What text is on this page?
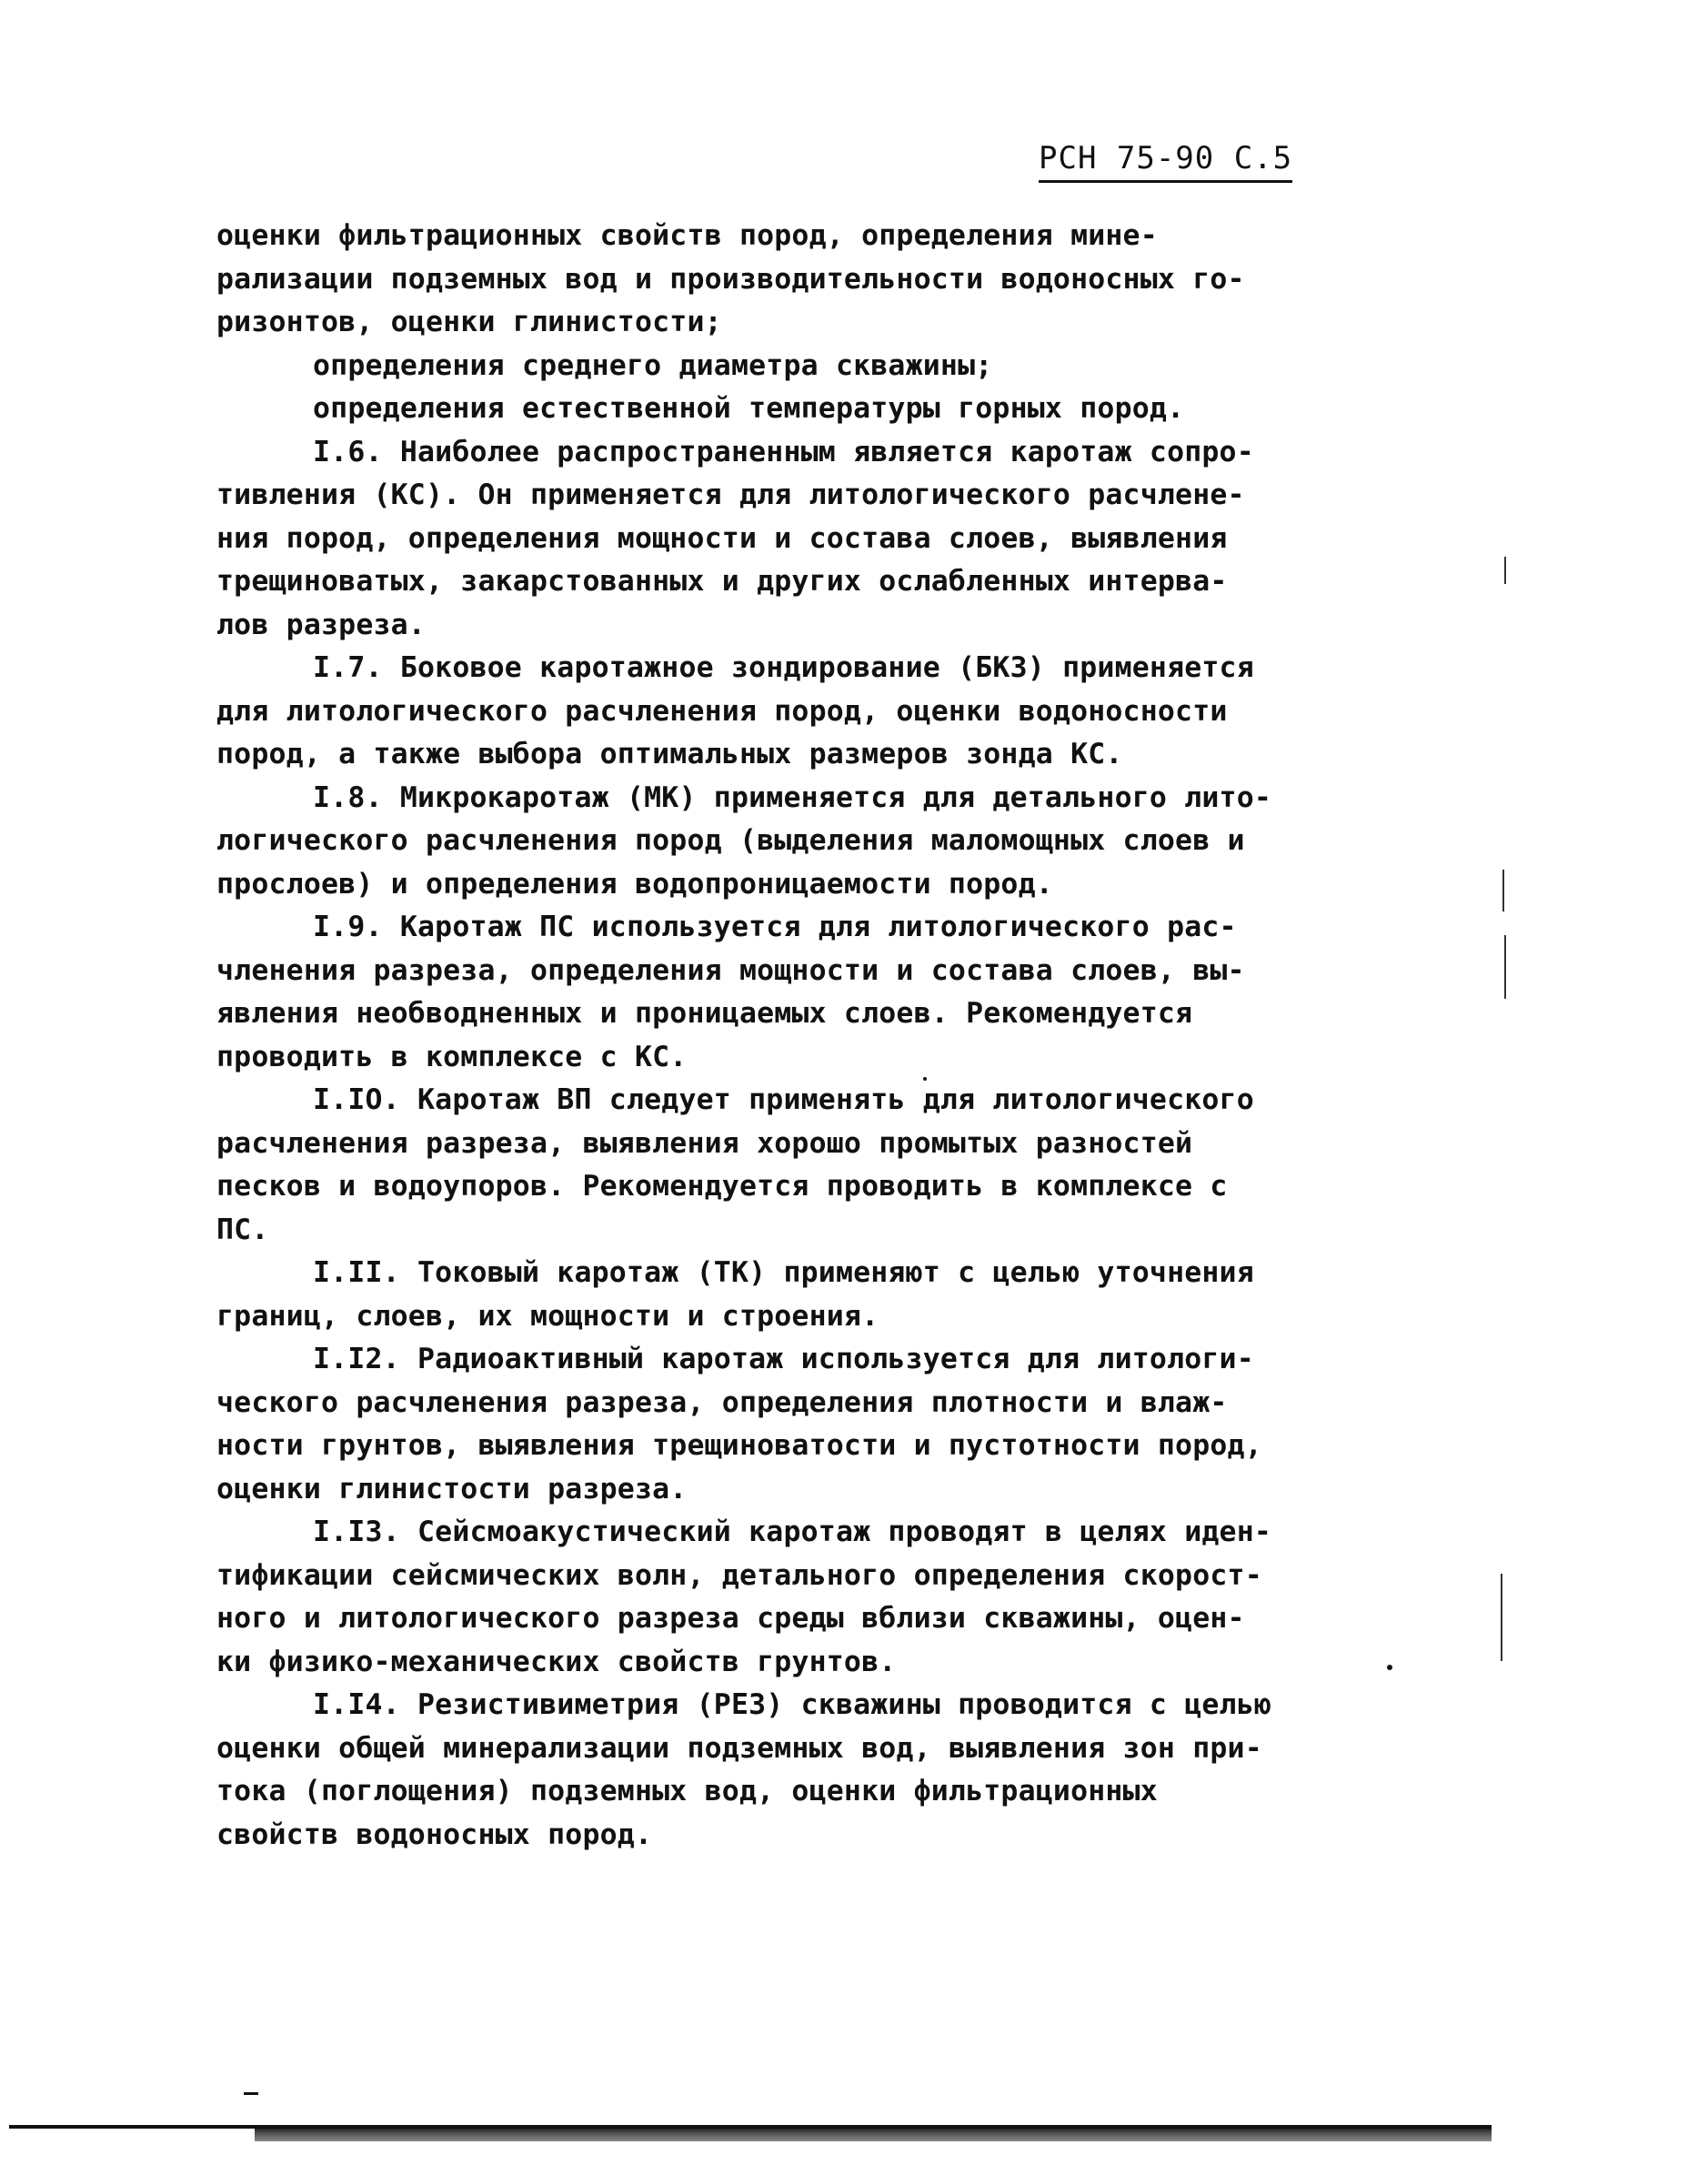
РСН 75-90 С.5
оценки фильтрационных свойств пород, определения мине-
рализации подземных вод и производительности водоносных го-
ризонтов, оценки глинистости;
определения среднего диаметра скважины;
определения естественной температуры горных пород.
I.6. Наиболее распространенным является каротаж сопро-
тивления (КС). Он применяется для литологического расчлене-
ния пород, определения мощности и состава слоев, выявления
трещиноватых, закарстованных и других ослабленных интерва-
лов разреза.
I.7. Боковое каротажное зондирование (БКЗ) применяется
для литологического расчленения пород, оценки водоносности
пород, а также выбора оптимальных размеров зонда КС.
I.8. Микрокаротаж (МК) применяется для детального лито-
логического расчленения пород (выделения маломощных слоев и
прослоев) и определения водопроницаемости пород.
I.9. Каротаж ПС используется для литологического рас-
членения разреза, определения мощности и состава слоев, вы-
явления необводненных и проницаемых слоев. Рекомендуется
проводить в комплексе с КС.
I.IO. Каротаж ВП следует применять для литологического
расчленения разреза, выявления хорошо промытых разностей
песков и водоупоров. Рекомендуется проводить в комплексе с
ПС.
I.II. Токовый каротаж (ТК) применяют с целью уточнения
границ, слоев, их мощности и строения.
I.I2. Радиоактивный каротаж используется для литологи-
ческого расчленения разреза, определения плотности и влаж-
ности грунтов, выявления трещиноватости и пустотности пород,
оценки глинистости разреза.
I.I3. Сейсмоакустический каротаж проводят в целях иден-
тификации сейсмических волн, детального определения скорост-
ного и литологического разреза среды вблизи скважины, оцен-
ки физико-механических свойств грунтов.
I.I4. Резистивиметрия (РЕЗ) скважины проводится с целью
оценки общей минерализации подземных вод, выявления зон при-
тока (поглощения) подземных вод, оценки фильтрационных
свойств водоносных пород.
